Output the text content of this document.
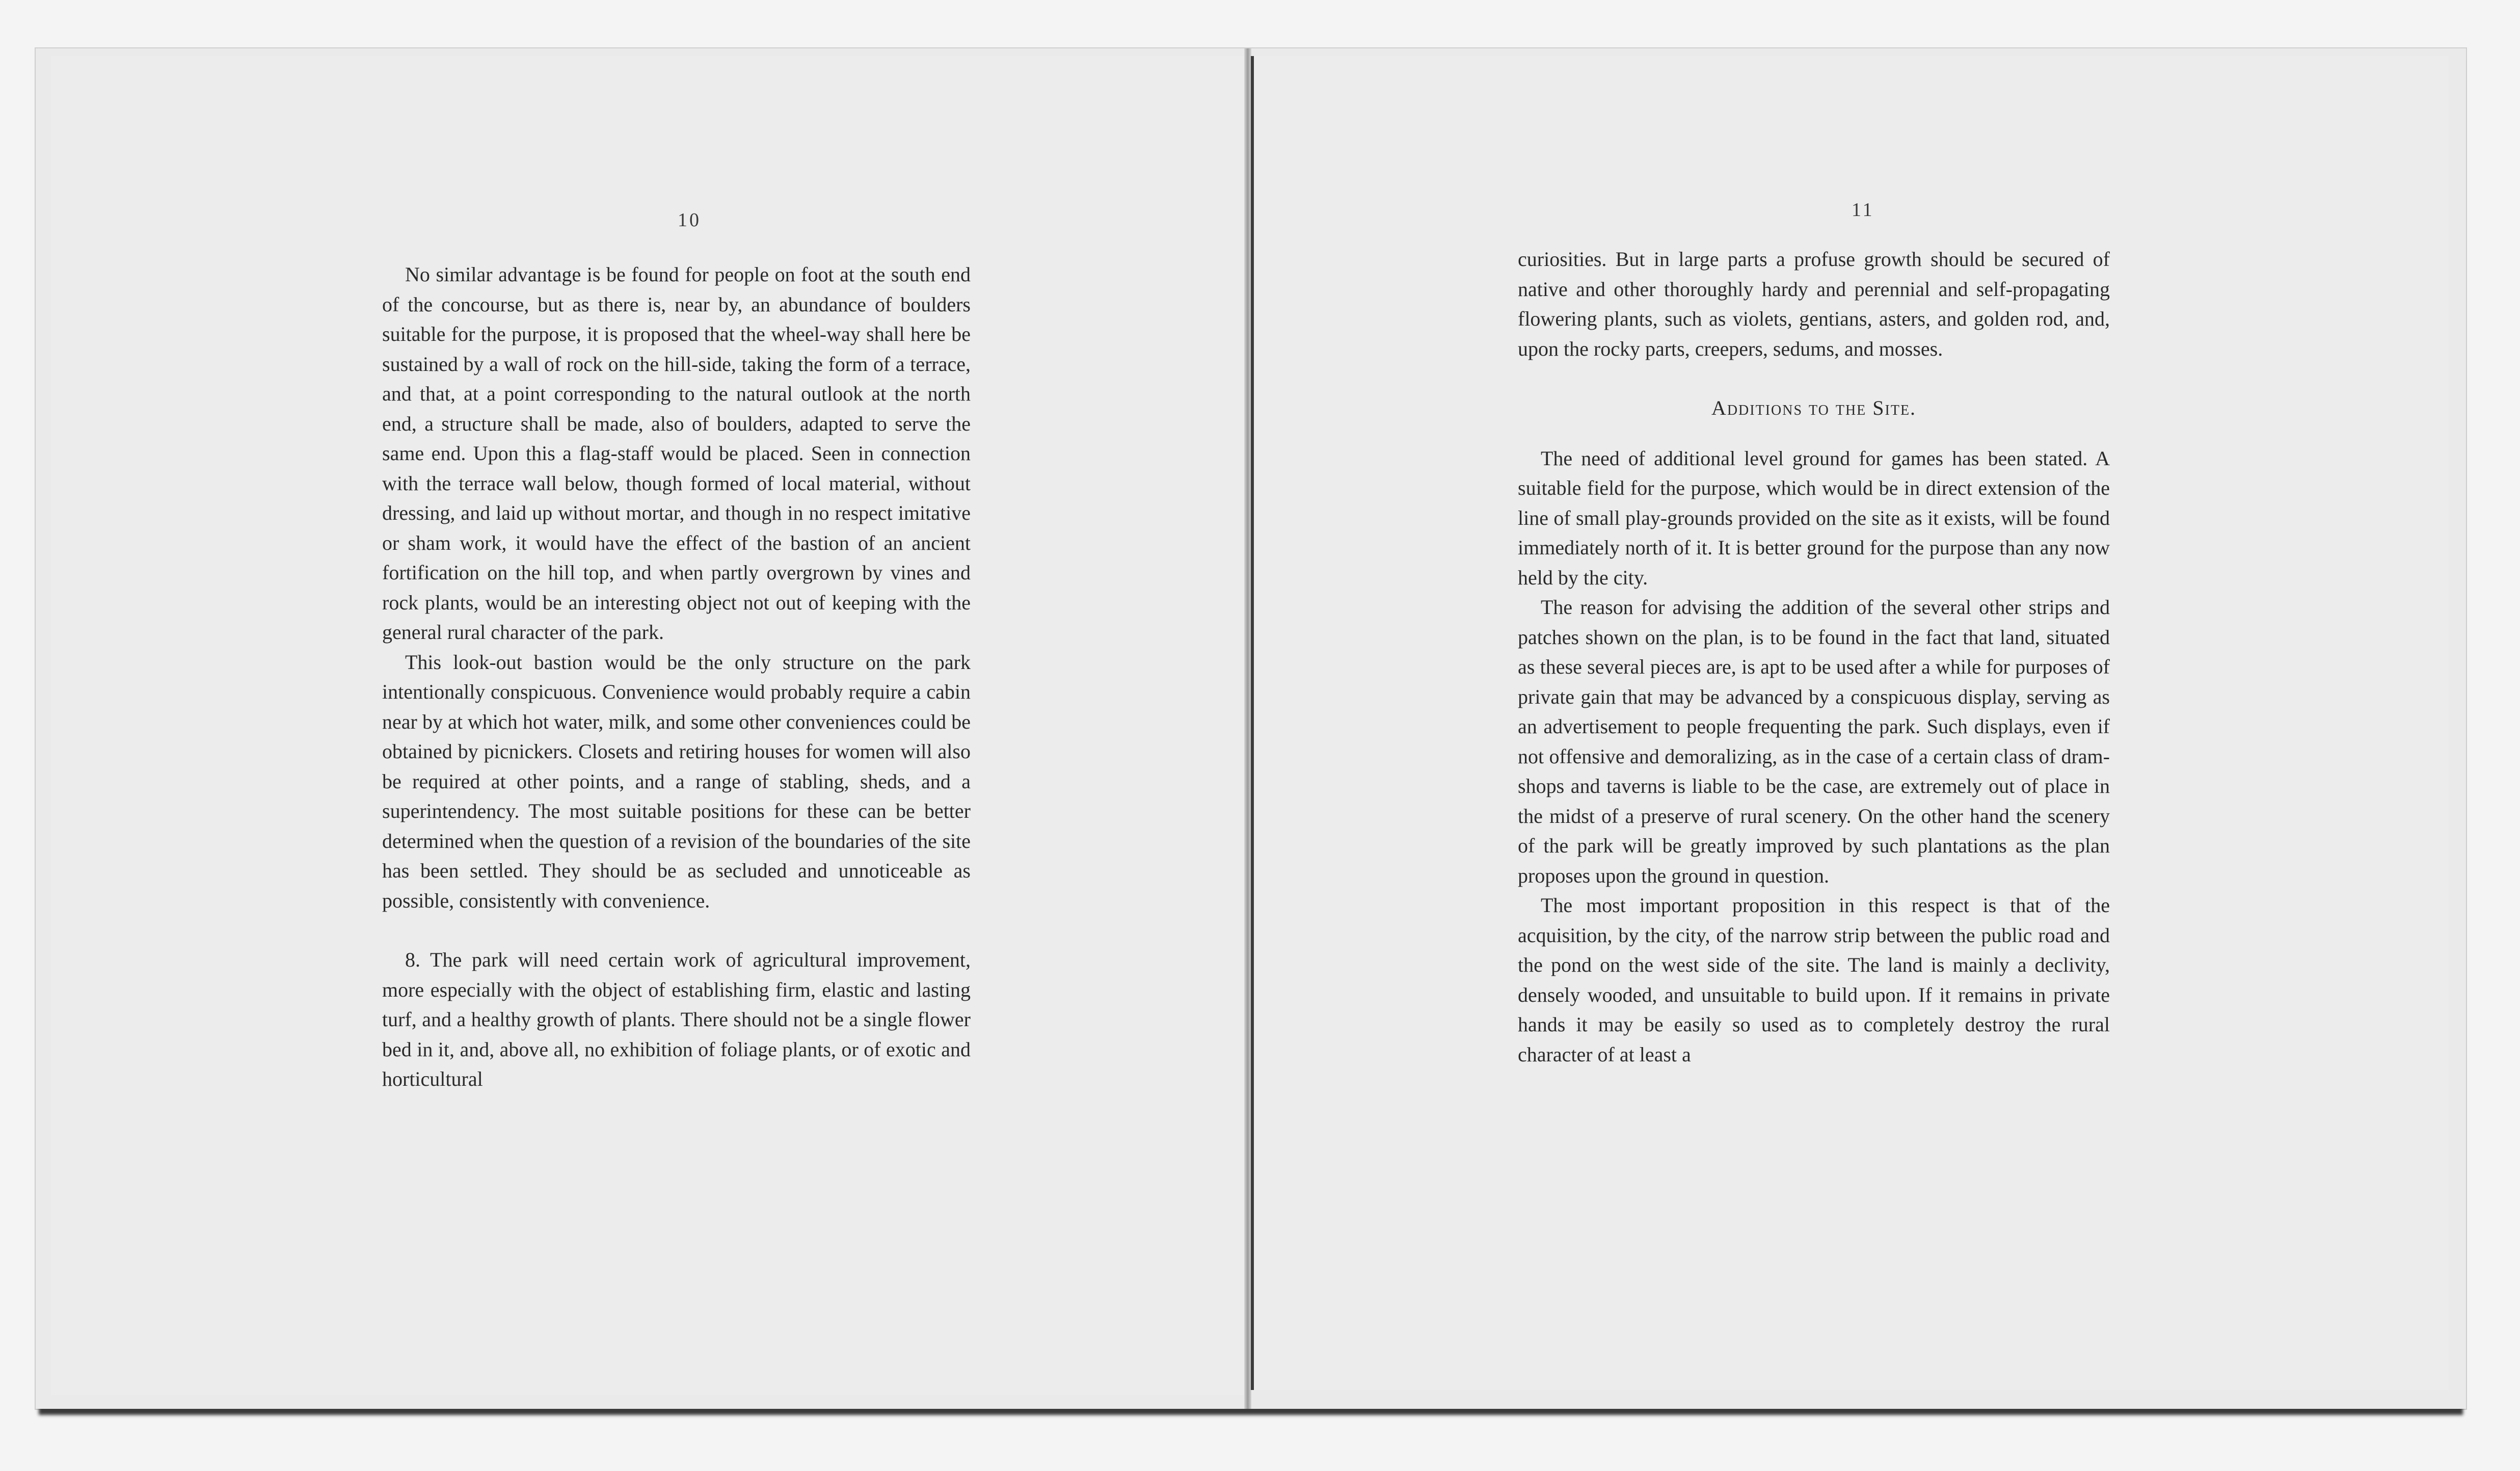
10

No similar advantage is be found for people on foot at the south end of the concourse, but as there is, near by, an abundance of boulders suitable for the purpose, it is proposed that the wheel-way shall here be sustained by a wall of rock on the hill-side, taking the form of a terrace, and that, at a point corresponding to the natural outlook at the north end, a structure shall be made, also of boulders, adapted to serve the same end. Upon this a flag-staff would be placed. Seen in connection with the terrace wall below, though formed of local material, without dressing, and laid up without mortar, and though in no respect imitative or sham work, it would have the effect of the bastion of an ancient fortification on the hill top, and when partly overgrown by vines and rock plants, would be an interesting object not out of keeping with the general rural character of the park.

This look-out bastion would be the only structure on the park intentionally conspicuous. Convenience would probably require a cabin near by at which hot water, milk, and some other conveniences could be obtained by picnickers. Closets and retiring houses for women will also be required at other points, and a range of stabling, sheds, and a superintendency. The most suitable positions for these can be better determined when the question of a revision of the boundaries of the site has been settled. They should be as secluded and unnoticeable as possible, consistently with convenience.

8. The park will need certain work of agricultural improvement, more especially with the object of establishing firm, elastic and lasting turf, and a healthy growth of plants. There should not be a single flower bed in it, and, above all, no exhibition of foliage plants, or of exotic and horticultural

11

curiosities. But in large parts a profuse growth should be secured of native and other thoroughly hardy and perennial and self-propagating flowering plants, such as violets, gentians, asters, and golden rod, and, upon the rocky parts, creepers, sedums, and mosses.

Additions to the Site.

The need of additional level ground for games has been stated. A suitable field for the purpose, which would be in direct extension of the line of small play-grounds provided on the site as it exists, will be found immediately north of it. It is better ground for the purpose than any now held by the city.

The reason for advising the addition of the several other strips and patches shown on the plan, is to be found in the fact that land, situated as these several pieces are, is apt to be used after a while for purposes of private gain that may be advanced by a conspicuous display, serving as an advertisement to people frequenting the park. Such displays, even if not offensive and demoralizing, as in the case of a certain class of dram-shops and taverns is liable to be the case, are extremely out of place in the midst of a preserve of rural scenery. On the other hand the scenery of the park will be greatly improved by such plantations as the plan proposes upon the ground in question.

The most important proposition in this respect is that of the acquisition, by the city, of the narrow strip between the public road and the pond on the west side of the site. The land is mainly a declivity, densely wooded, and unsuitable to build upon. If it remains in private hands it may be easily so used as to completely destroy the rural character of at least a
